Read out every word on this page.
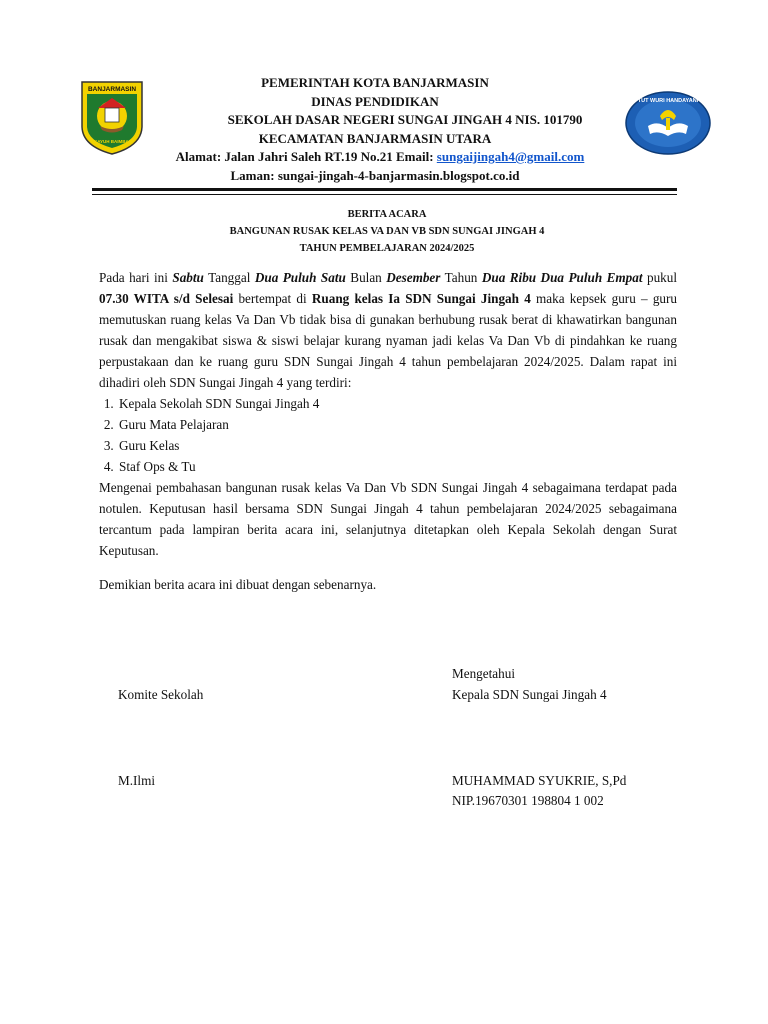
BANJARMASIN
KAYUH BAIMBAI
TUT WURI HANDAYANI
PEMERINTAH KOTA BANJARMASIN
DINAS PENDIDIKAN
SEKOLAH DASAR NEGERI SUNGAI JINGAH 4 NIS. 101790
KECAMATAN BANJARMASIN UTARA
Alamat: Jalan Jahri Saleh RT.19 No.21 Email: sungaijingah4@gmail.com
Laman: sungai-jingah-4-banjarmasin.blogspot.co.id
BERITA ACARA
BANGUNAN RUSAK KELAS VA DAN VB SDN SUNGAI JINGAH 4
TAHUN PEMBELAJARAN 2024/2025

Pada hari ini Sabtu Tanggal Dua Puluh Satu Bulan Desember Tahun Dua Ribu Dua Puluh Empat pukul 07.30 WITA s/d Selesai bertempat di Ruang kelas Ia SDN Sungai Jingah 4 maka kepsek guru – guru memutuskan ruang kelas Va Dan Vb tidak bisa di gunakan berhubung rusak berat di khawatirkan bangunan rusak dan mengakibat siswa & siswi belajar kurang nyaman jadi kelas Va Dan Vb di pindahkan ke ruang perpustakaan dan ke ruang guru SDN Sungai Jingah 4 tahun pembelajaran 2024/2025. Dalam rapat ini dihadiri oleh SDN Sungai Jingah 4 yang terdiri:

1. Kepala Sekolah SDN Sungai Jingah 4
2. Guru Mata Pelajaran
3. Guru Kelas
4. Staf Ops & Tu

Mengenai pembahasan bangunan rusak kelas Va Dan Vb SDN Sungai Jingah 4 sebagaimana terdapat pada notulen. Keputusan hasil bersama SDN Sungai Jingah 4 tahun pembelajaran 2024/2025 sebagaimana tercantum pada lampiran berita acara ini, selanjutnya ditetapkan oleh Kepala Sekolah dengan Surat Keputusan.

Demikian berita acara ini dibuat dengan sebenarnya.

Mengetahui
Komite Sekolah	Kepala SDN Sungai Jingah 4
M.Ilmi	MUHAMMAD SYUKRIE, S,Pd
NIP.19670301 198804 1 002
